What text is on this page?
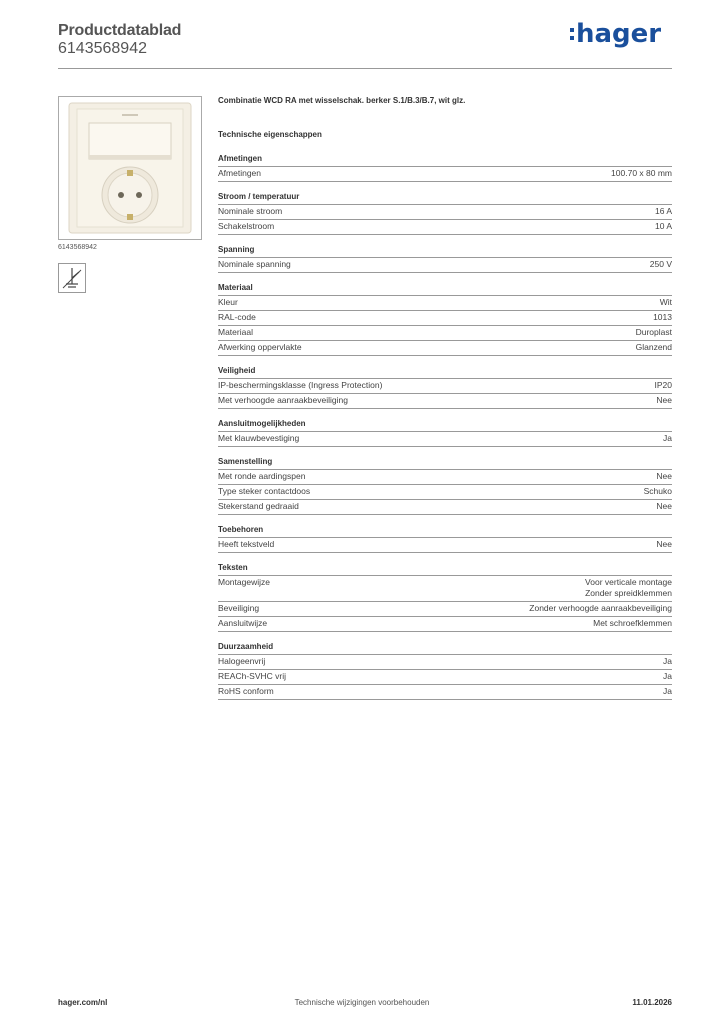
Productdatablad
6143568942	hager
6143568942
Combinatie WCD RA met wisselschak. berker S.1/B.3/B.7, wit glz.
Technische eigenschappen
Afmetingen
Afmetingen	100.70 x 80 mm
Stroom / temperatuur
Nominale stroom	16 A
Schakelstroom	10 A
Spanning
Nominale spanning	250 V
Materiaal
Kleur	Wit
RAL-code	1013
Materiaal	Duroplast
Afwerking oppervlakte	Glanzend
Veiligheid
IP-beschermingsklasse (Ingress Protection)	IP20
Met verhoogde aanraakbeveiliging	Nee
Aansluitmogelijkheden
Met klauwbevestiging	Ja
Samenstelling
Met ronde aardingspen	Nee
Type steker contactdoos	Schuko
Stekerstand gedraaid	Nee
Toebehoren
Heeft tekstveld	Nee
Teksten
Montagewijze	Voor verticale montage
Zonder spreidklemmen
Beveiliging	Zonder verhoogde aanraakbeveiliging
Aansluitwijze	Met schroefklemmen
Duurzaamheid
Halogeenvrij	Ja
REACh-SVHC vrij	Ja
RoHS conform	Ja
hager.com/nl	Technische wijzigingen voorbehouden	11.01.2026
